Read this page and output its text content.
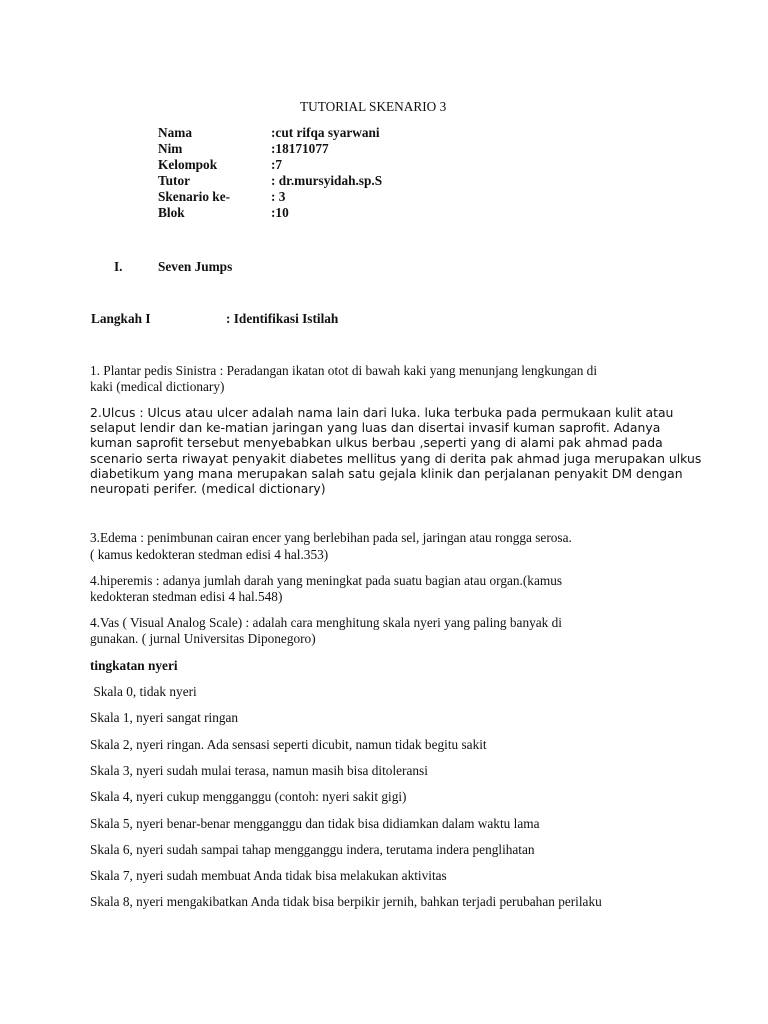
TUTORIAL SKENARIO 3
Nama
Nim
Kelompok
Tutor
Skenario ke-
Blok
:cut rifqa syarwani
:18171077
:7
: dr.mursyidah.sp.S
: 3
:10
I.	Seven Jumps
Langkah I	: Identifikasi Istilah
1. Plantar pedis Sinistra : Peradangan ikatan otot di bawah kaki yang menunjang lengkungan di
kaki (medical dictionary)
2.Ulcus : Ulcus atau ulcer adalah nama lain dari luka. luka terbuka pada permukaan kulit atau
selaput lendir dan ke-matian jaringan yang luas dan disertai invasif kuman saprofit. Adanya
kuman saprofit tersebut menyebabkan ulkus berbau ,seperti yang di alami pak ahmad pada
scenario serta riwayat penyakit diabetes mellitus yang di derita pak ahmad juga merupakan ulkus
diabetikum yang mana merupakan salah satu gejala klinik dan perjalanan penyakit DM dengan
neuropati perifer. (medical dictionary)
3.Edema : penimbunan cairan encer yang berlebihan pada sel, jaringan atau rongga serosa.
( kamus kedokteran stedman edisi 4 hal.353)
4.hiperemis : adanya jumlah darah yang meningkat pada suatu bagian atau organ.(kamus
kedokteran stedman edisi 4 hal.548)
4.Vas ( Visual Analog Scale) : adalah cara menghitung skala nyeri yang paling banyak di
gunakan. ( jurnal Universitas Diponegoro)
tingkatan nyeri
Skala 0, tidak nyeri
Skala 1, nyeri sangat ringan
Skala 2, nyeri ringan. Ada sensasi seperti dicubit, namun tidak begitu sakit
Skala 3, nyeri sudah mulai terasa, namun masih bisa ditoleransi
Skala 4, nyeri cukup mengganggu (contoh: nyeri sakit gigi)
Skala 5, nyeri benar-benar mengganggu dan tidak bisa didiamkan dalam waktu lama
Skala 6, nyeri sudah sampai tahap mengganggu indera, terutama indera penglihatan
Skala 7, nyeri sudah membuat Anda tidak bisa melakukan aktivitas
Skala 8, nyeri mengakibatkan Anda tidak bisa berpikir jernih, bahkan terjadi perubahan perilaku
